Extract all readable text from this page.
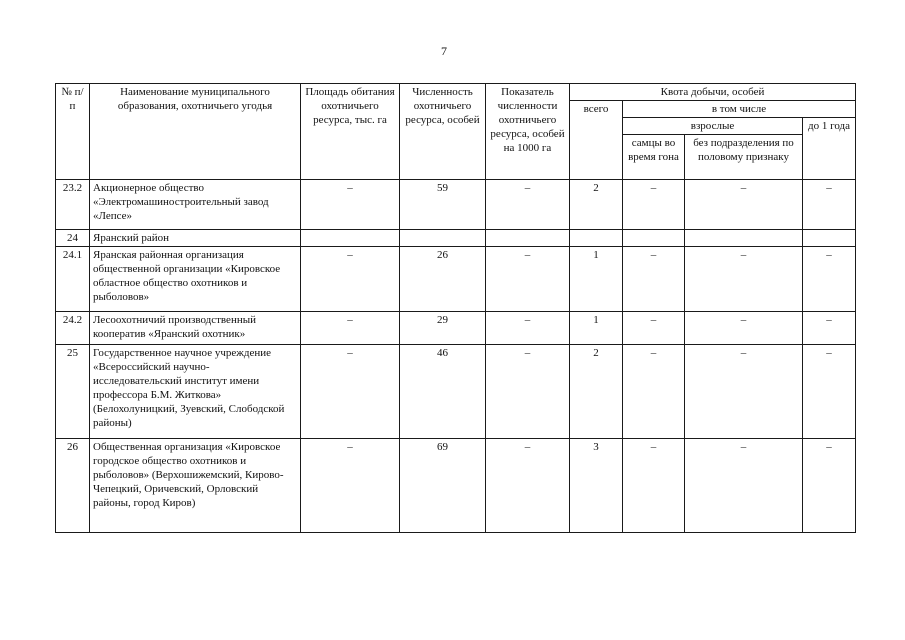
7
№ п/п	Наименование муниципального образования, охотничьего угодья	Площадь обитания охотничьего ресурса, тыс. га	Численность охотничьего ресурса, особей	Показатель численности охотничьего ресурса, особей на 1000 га	Квота добычи, особей			
					всего	в том числе		
						взрослые		до 1 года
						самцы во время гона	без подразделения по половому признаку	
23.2	Акционерное общество «Электромашиностроительный завод «Лепсе»	–	59	–	2	–	–	–
24	Яранский район							
24.1	Яранская районная организация общественной организации «Кировское областное общество охотников и рыболовов»	–	26	–	1	–	–	–
24.2	Лесоохотничий производственный кооператив «Яранский охотник»	–	29	–	1	–	–	–
25	Государственное научное учреждение «Всероссийский научно-исследовательский институт имени профессора Б.М. Житкова» (Белохолуницкий, Зуевский, Слободской районы)	–	46	–	2	–	–	–
26	Общественная организация «Кировское городское общество охотников и рыболовов» (Верхошижемский, Кирово-Чепецкий, Оричевский, Орловский районы, город Киров)	–	69	–	3	–	–	–
